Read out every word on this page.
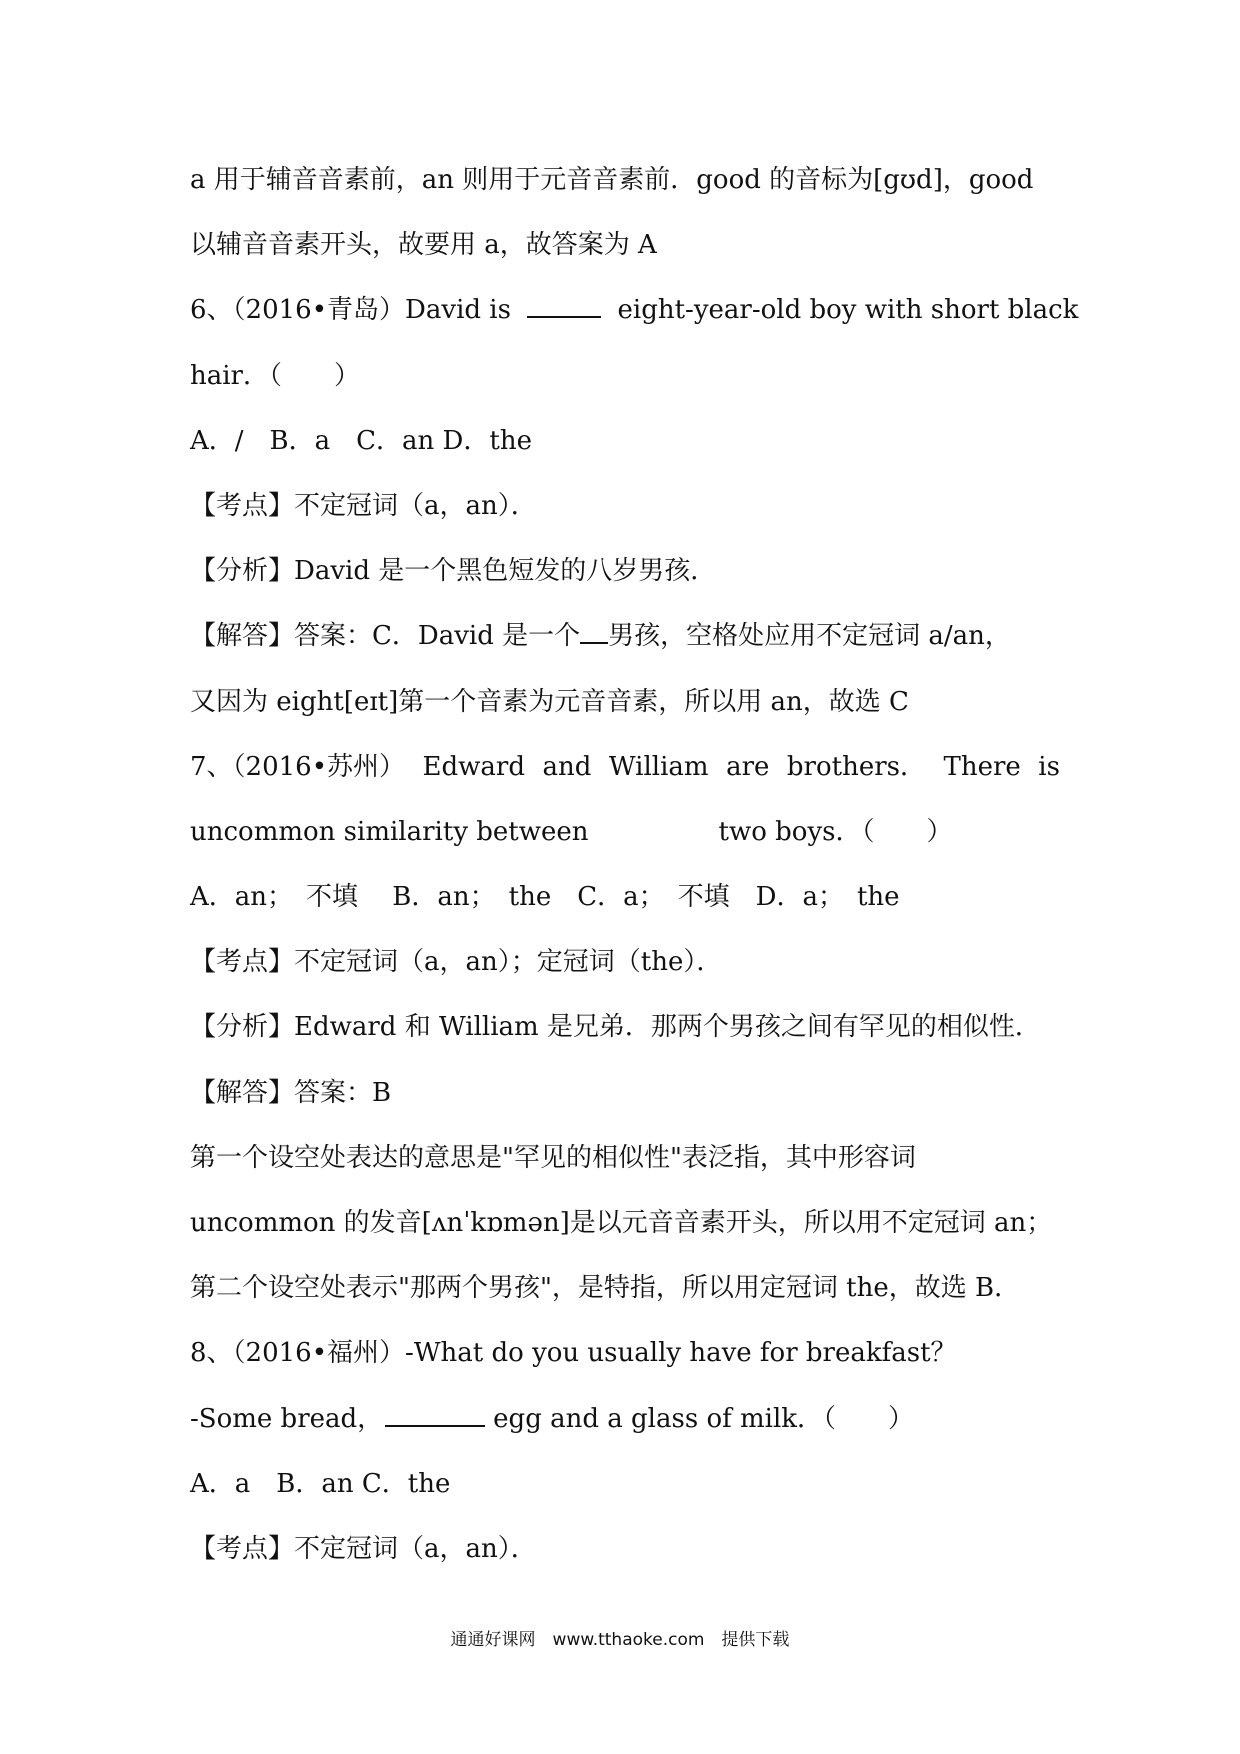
a 用于辅音音素前，an 则用于元音音素前．good 的音标为[gʊd]，good
以辅音音素开头，故要用 a，故答案为 A
6、（2016•青岛）David is	eight-year-old boy with short black
hair．（　　）
A．/　B．a　C．an D．the
【考点】不定冠词（a，an）．
【分析】David 是一个黑色短发的八岁男孩．
【解答】答案：C．David 是一个 男孩，空格处应用不定冠词 a/an，
又因为 eight[eɪt]第一个音素为元音音素，所以用 an，故选 C
7、（2016•苏州） Edward and William are brothers． There is
uncommon similarity between	two boys．（　　）
A．an；　不填　 B．an；　the　C．a；　不填　D．a；　the
【考点】不定冠词（a，an）；定冠词（the）．
【分析】Edward 和 William 是兄弟．那两个男孩之间有罕见的相似性．
【解答】答案：B
第一个设空处表达的意思是"罕见的相似性"表泛指，其中形容词
uncommon 的发音[ʌnˈkɒmən]是以元音音素开头，所以用不定冠词 an；
第二个设空处表示"那两个男孩"，是特指，所以用定冠词 the，故选 B．
8、（2016•福州）-What do you usually have for breakfast？
-Some bread，	egg and a glass of milk．（　　）
A．a　B．an C．the
【考点】不定冠词（a，an）．
通通好课网　www.tthaoke.com　提供下载
